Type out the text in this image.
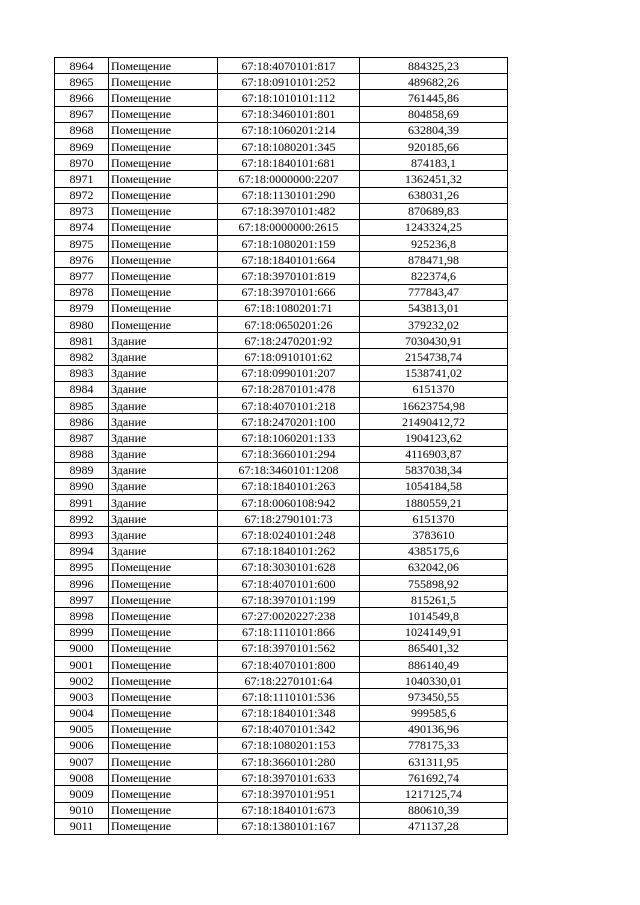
8964	Помещение	67:18:4070101:817	884325,23
8965	Помещение	67:18:0910101:252	489682,26
8966	Помещение	67:18:1010101:112	761445,86
8967	Помещение	67:18:3460101:801	804858,69
8968	Помещение	67:18:1060201:214	632804,39
8969	Помещение	67:18:1080201:345	920185,66
8970	Помещение	67:18:1840101:681	874183,1
8971	Помещение	67:18:0000000:2207	1362451,32
8972	Помещение	67:18:1130101:290	638031,26
8973	Помещение	67:18:3970101:482	870689,83
8974	Помещение	67:18:0000000:2615	1243324,25
8975	Помещение	67:18:1080201:159	925236,8
8976	Помещение	67:18:1840101:664	878471,98
8977	Помещение	67:18:3970101:819	822374,6
8978	Помещение	67:18:3970101:666	777843,47
8979	Помещение	67:18:1080201:71	543813,01
8980	Помещение	67:18:0650201:26	379232,02
8981	Здание	67:18:2470201:92	7030430,91
8982	Здание	67:18:0910101:62	2154738,74
8983	Здание	67:18:0990101:207	1538741,02
8984	Здание	67:18:2870101:478	6151370
8985	Здание	67:18:4070101:218	16623754,98
8986	Здание	67:18:2470201:100	21490412,72
8987	Здание	67:18:1060201:133	1904123,62
8988	Здание	67:18:3660101:294	4116903,87
8989	Здание	67:18:3460101:1208	5837038,34
8990	Здание	67:18:1840101:263	1054184,58
8991	Здание	67:18:0060108:942	1880559,21
8992	Здание	67:18:2790101:73	6151370
8993	Здание	67:18:0240101:248	3783610
8994	Здание	67:18:1840101:262	4385175,6
8995	Помещение	67:18:3030101:628	632042,06
8996	Помещение	67:18:4070101:600	755898,92
8997	Помещение	67:18:3970101:199	815261,5
8998	Помещение	67:27:0020227:238	1014549,8
8999	Помещение	67:18:1110101:866	1024149,91
9000	Помещение	67:18:3970101:562	865401,32
9001	Помещение	67:18:4070101:800	886140,49
9002	Помещение	67:18:2270101:64	1040330,01
9003	Помещение	67:18:1110101:536	973450,55
9004	Помещение	67:18:1840101:348	999585,6
9005	Помещение	67:18:4070101:342	490136,96
9006	Помещение	67:18:1080201:153	778175,33
9007	Помещение	67:18:3660101:280	631311,95
9008	Помещение	67:18:3970101:633	761692,74
9009	Помещение	67:18:3970101:951	1217125,74
9010	Помещение	67:18:1840101:673	880610,39
9011	Помещение	67:18:1380101:167	471137,28
